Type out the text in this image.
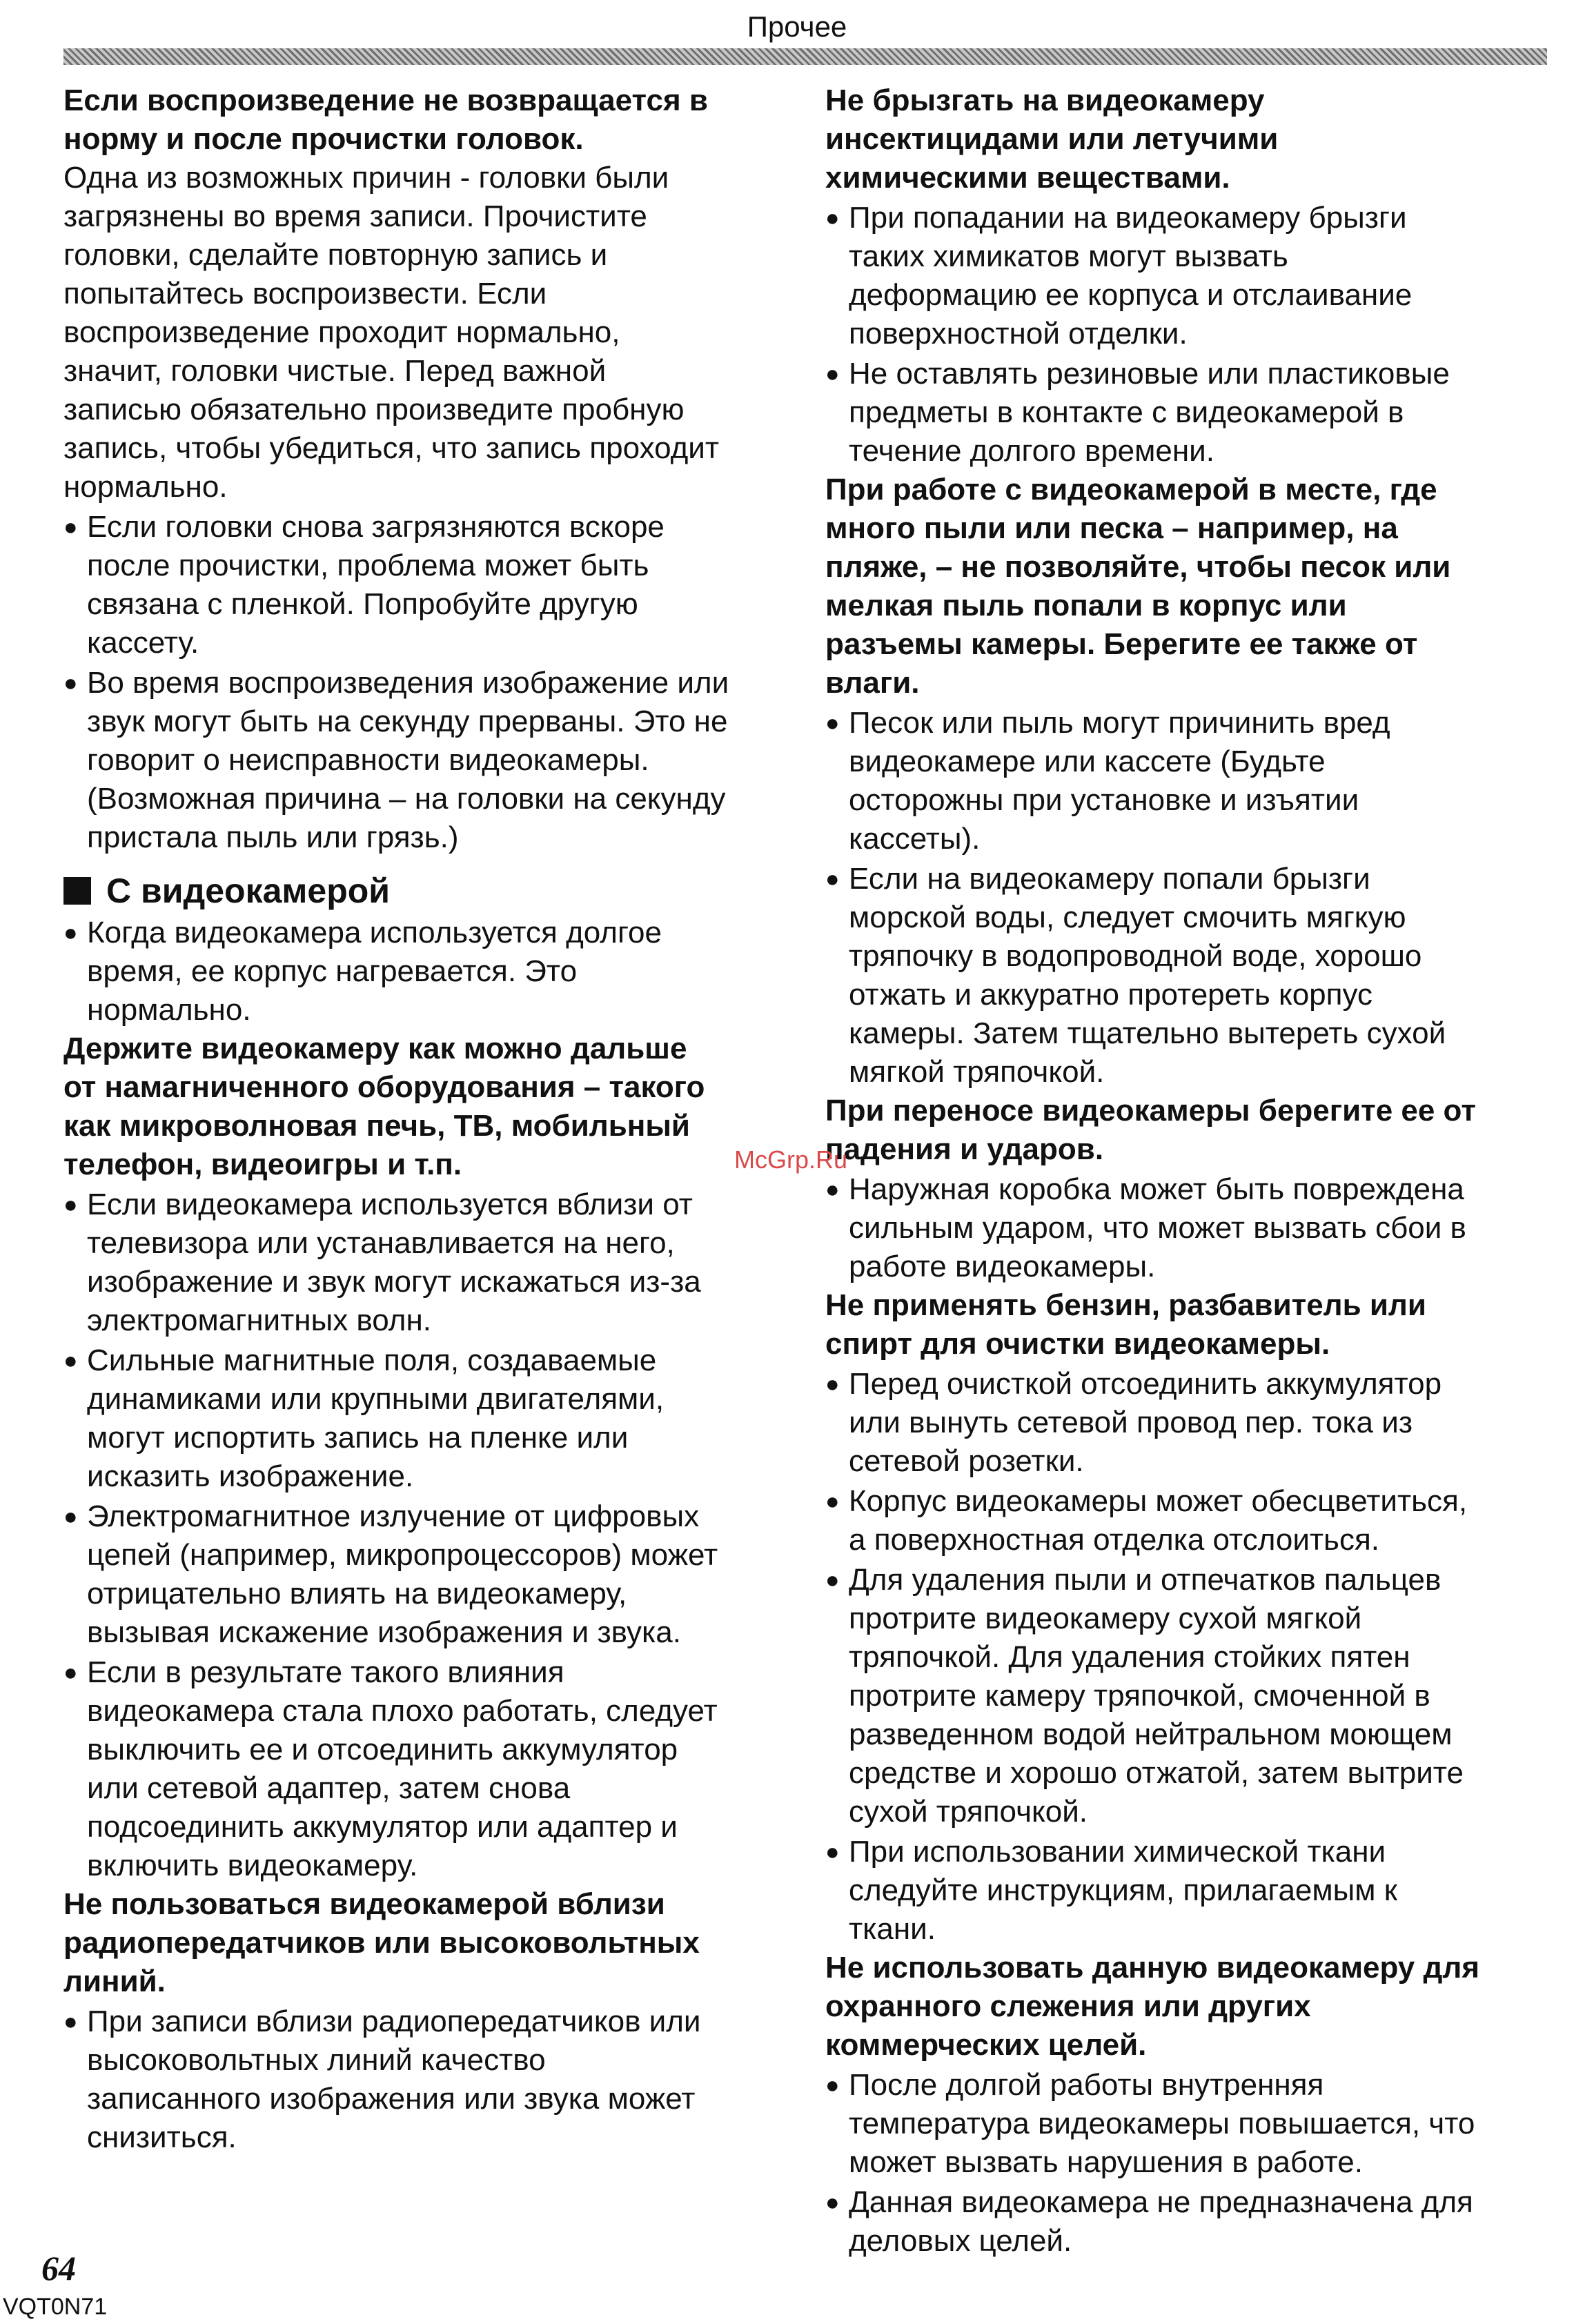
Прочее

Если воспроизведение не возвращается в
норму и после прочистки головок.

Одна из возможных причин - головки были
загрязнены во время записи. Прочистите
головки, сделайте повторную запись и
попытайтесь воспроизвести. Если
воспроизведение проходит нормально,
значит, головки чистые. Перед важной
записью обязательно произведите пробную
запись, чтобы убедиться, что запись проходит
нормально.

● Если головки снова загрязняются вскоре
после прочистки, проблема может быть
связана с пленкой. Попробуйте другую
кассету.

● Во время воспроизведения изображение или
звук могут быть на секунду прерваны. Это не
говорит о неисправности видеокамеры.
(Возможная причина – на головки на секунду
пристала пыль или грязь.)

С видеокамерой

● Когда видеокамера используется долгое
время, ее корпус нагревается. Это
нормально.

Держите видеокамеру как можно дальше
от намагниченного оборудования – такого
как микроволновая печь, ТВ, мобильный
телефон, видеоигры и т.п.

● Если видеокамера используется вблизи от
телевизора или устанавливается на него,
изображение и звук могут искажаться из-за
электромагнитных волн.

● Сильные магнитные поля, создаваемые
динамиками или крупными двигателями,
могут испортить запись на пленке или
исказить изображение.

● Электромагнитное излучение от цифровых
цепей (например, микропроцессоров) может
отрицательно влиять на видеокамеру,
вызывая искажение изображения и звука.

● Если в результате такого влияния
видеокамера стала плохо работать, следует
выключить ее и отсоединить аккумулятор
или сетевой адаптер, затем снова
подсоединить аккумулятор или адаптер и
включить видеокамеру.

Не пользоваться видеокамерой вблизи
радиопередатчиков или высоковольтных
линий.

● При записи вблизи радиопередатчиков или
высоковольтных линий качество
записанного изображения или звука может
снизиться.

Не брызгать на видеокамеру
инсектицидами или летучими
химическими веществами.

● При попадании на видеокамеру брызги
таких химикатов могут вызвать
деформацию ее корпуса и отслаивание
поверхностной отделки.

● Не оставлять резиновые или пластиковые
предметы в контакте с видеокамерой в
течение долгого времени.

При работе с видеокамерой в месте, где
много пыли или песка – например, на
пляже, – не позволяйте, чтобы песок или
мелкая пыль попали в корпус или
разъемы камеры. Берегите ее также от
влаги.

● Песок или пыль могут причинить вред
видеокамере или кассете (Будьте
осторожны при установке и изъятии
кассеты).

● Если на видеокамеру попали брызги
морской воды, следует смочить мягкую
тряпочку в водопроводной воде, хорошо
отжать и аккуратно протереть корпус
камеры. Затем тщательно вытереть сухой
мягкой тряпочкой.

При переносе видеокамеры берегите ее от
падения и ударов.

● Наружная коробка может быть повреждена
сильным ударом, что может вызвать сбои в
работе видеокамеры.

Не применять бензин, разбавитель или
спирт для очистки видеокамеры.

● Перед очисткой отсоединить аккумулятор
или вынуть сетевой провод пер. тока из
сетевой розетки.

● Корпус видеокамеры может обесцветиться,
а поверхностная отделка отслоиться.

● Для удаления пыли и отпечатков пальцев
протрите видеокамеру сухой мягкой
тряпочкой. Для удаления стойких пятен
протрите камеру тряпочкой, смоченной в
разведенном водой нейтральном моющем
средстве и хорошо отжатой, затем вытрите
сухой тряпочкой.

● При использовании химической ткани
следуйте инструкциям, прилагаемым к
ткани.

Не использовать данную видеокамеру для
охранного слежения или других
коммерческих целей.

● После долгой работы внутренняя
температура видеокамеры повышается, что
может вызвать нарушения в работе.

● Данная видеокамера не предназначена для
деловых целей.

McGrp.Ru
64
VQT0N71
